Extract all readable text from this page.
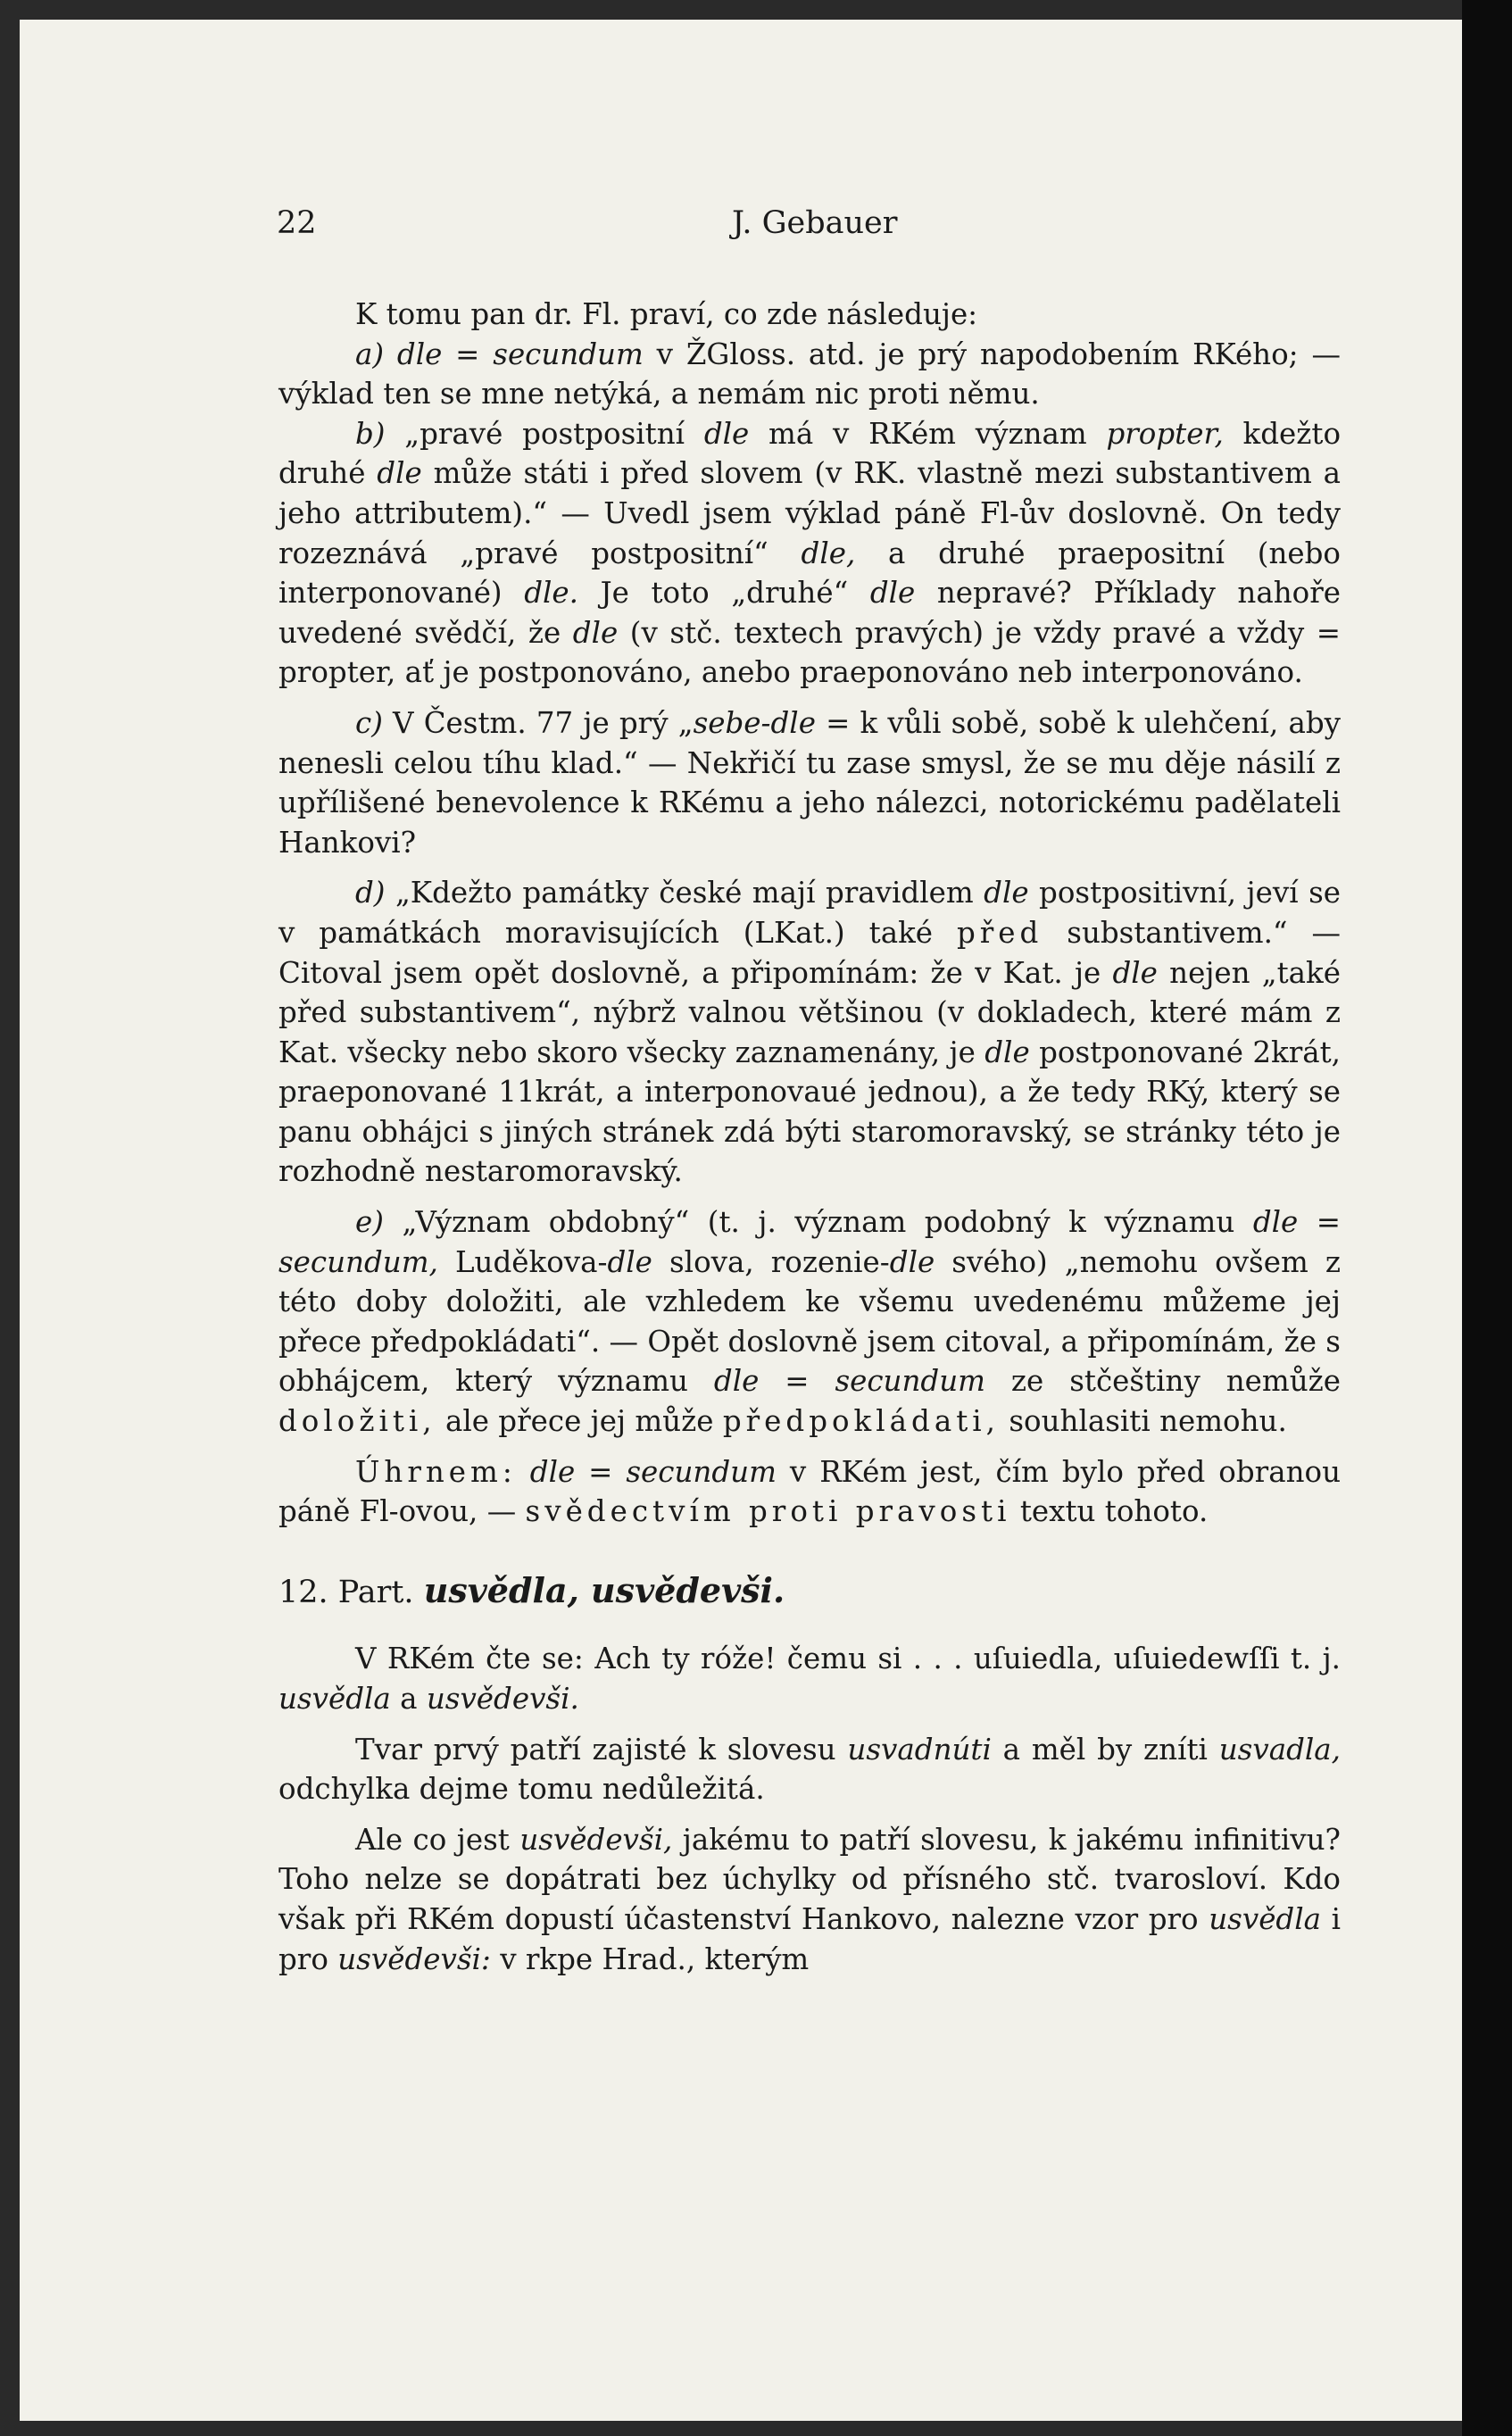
22	J. Gebauer

K tomu pan dr. Fl. praví, co zde následuje:

a) dle = secundum v ŽGloss. atd. je prý napodobením RKého; — výklad ten se mne netýká, a nemám nic proti němu.

b) „pravé postpositní dle má v RKém význam propter, kdežto druhé dle může státi i před slovem (v RK. vlastně mezi substantivem a jeho attributem).“ — Uvedl jsem výklad páně Fl-ův doslovně. On tedy rozeznává „pravé postpositní“ dle, a druhé praepositní (nebo interponované) dle. Je toto „druhé“ dle nepravé? Příklady nahoře uvedené svědčí, že dle (v stč. textech pravých) je vždy pravé a vždy = propter, ať je postponováno, anebo praeponováno neb interponováno.

c) V Čestm. 77 je prý „sebe-dle = k vůli sobě, sobě k ulehčení, aby nenesli celou tíhu klad.“ — Nekřičí tu zase smysl, že se mu děje násilí z upřílišené benevolence k RKému a jeho nálezci, notorickému padělateli Hankovi?

d) „Kdežto památky české mají pravidlem dle postpositivní, jeví se v památkách moravisujících (LKat.) také před substantivem.“ — Citoval jsem opět doslovně, a připomínám: že v Kat. je dle nejen „také před substantivem“, nýbrž valnou většinou (v dokladech, které mám z Kat. všecky nebo skoro všecky zaznamenány, je dle postponované 2krát, praeponované 11krát, a interponovaué jednou), a že tedy RKý, který se panu obhájci s jiných stránek zdá býti staromoravský, se stránky této je rozhodně nestaromoravský.

e) „Význam obdobný“ (t. j. význam podobný k významu dle = secundum, Luděkova-dle slova, rozenie-dle svého) „nemohu ovšem z této doby doložiti, ale vzhledem ke všemu uvedenému můžeme jej přece předpokládati“. — Opět doslovně jsem citoval, a připomínám, že s obhájcem, který významu dle = secundum ze stčeštiny nemůže doložiti, ale přece jej může předpokládati, souhlasiti nemohu.

Úhrnem: dle = secundum v RKém jest, čím bylo před obranou páně Fl-ovou, — svědectvím proti pravosti textu tohoto.

12. Part. usvědla, usvědevši.

V RKém čte se: Ach ty róže! čemu si . . . uſuiedla, uſuiedewſſi t. j. usvědla a usvědevši.

Tvar prvý patří zajisté k slovesu usvadnúti a měl by zníti usvadla, odchylka dejme tomu nedůležitá.

Ale co jest usvědevši, jakému to patří slovesu, k jakému infinitivu? Toho nelze se dopátrati bez úchylky od přísného stč. tvarosloví. Kdo však při RKém dopustí účastenství Hankovo, nalezne vzor pro usvědla i pro usvědevši: v rkpe Hrad., kterým
